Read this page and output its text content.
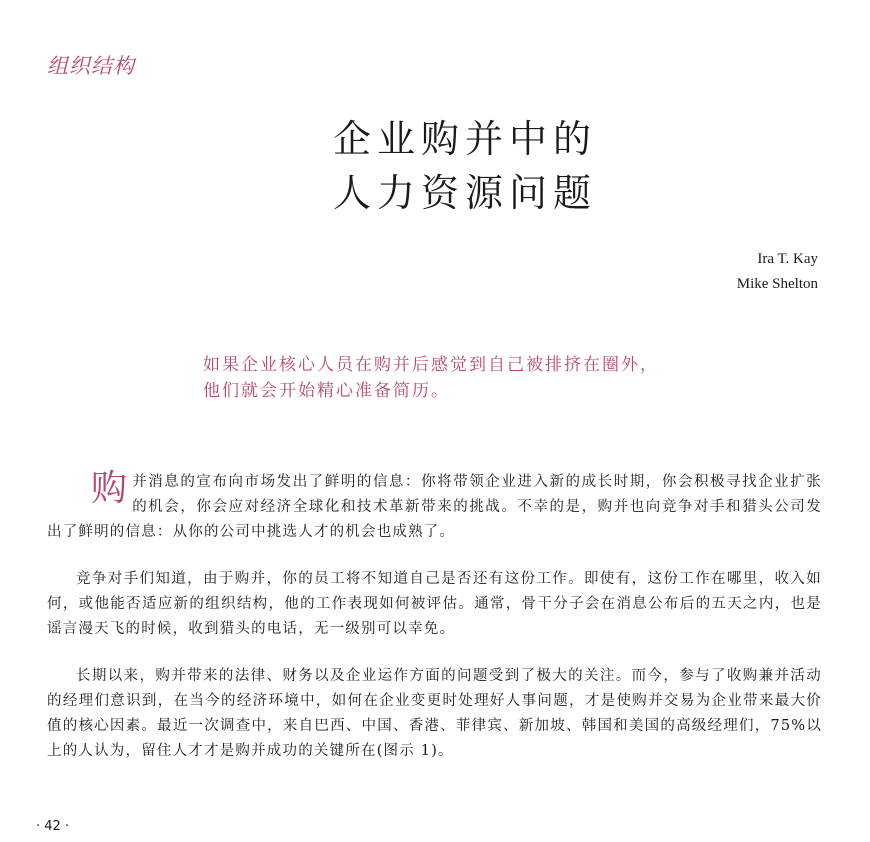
组织结构
企业购并中的
人力资源问题
Ira T. Kay
Mike Shelton
如果企业核心人员在购并后感觉到自己被排挤在圈外，他们就会开始精心准备简历。

购并消息的宣布向市场发出了鲜明的信息：你将带领企业进入新的成长时期，你会积极寻找企业扩张的机会，你会应对经济全球化和技术革新带来的挑战。不幸的是，购并也向竞争对手和猎头公司发出了鲜明的信息：从你的公司中挑选人才的机会也成熟了。

竞争对手们知道，由于购并，你的员工将不知道自己是否还有这份工作。即使有，这份工作在哪里，收入如何，或他能否适应新的组织结构，他的工作表现如何被评估。通常，骨干分子会在消息公布后的五天之内，也是谣言漫天飞的时候，收到猎头的电话，无一级别可以幸免。

长期以来，购并带来的法律、财务以及企业运作方面的问题受到了极大的关注。而今，参与了收购兼并活动的经理们意识到，在当今的经济环境中，如何在企业变更时处理好人事问题，才是使购并交易为企业带来最大价值的核心因素。最近一次调查中，来自巴西、中国、香港、菲律宾、新加坡、韩国和美国的高级经理们，75%以上的人认为，留住人才才是购并成功的关键所在(图示 1)。

· 42 ·
